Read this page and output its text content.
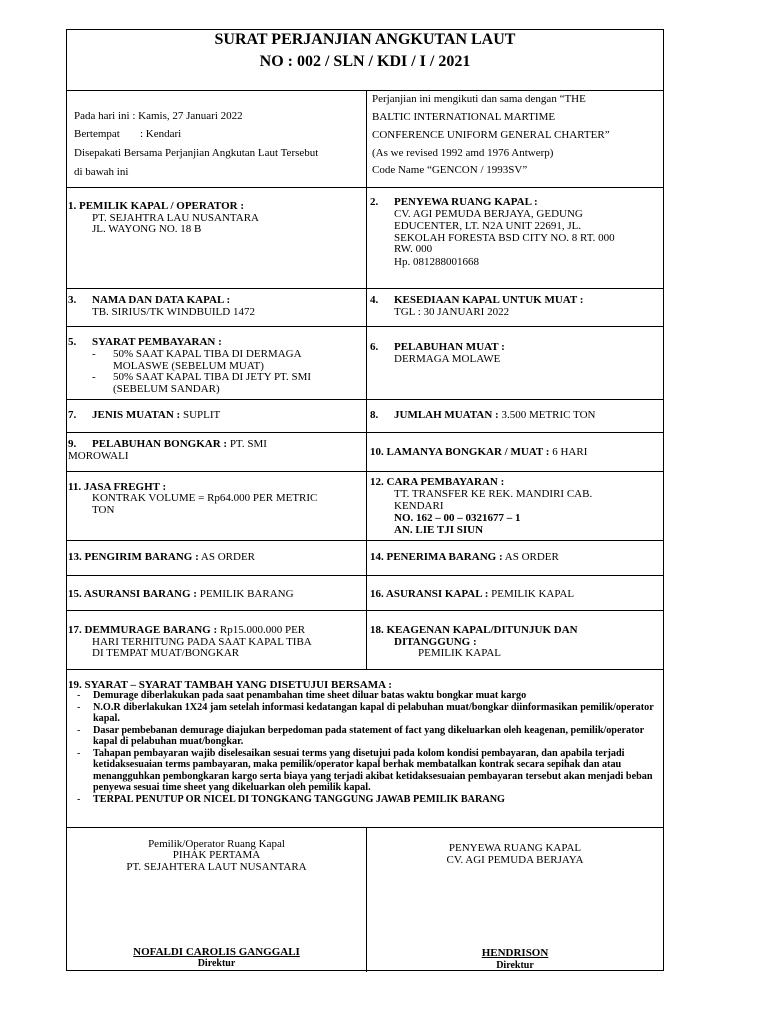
SURAT PERJANJIAN ANGKUTAN LAUT
NO : 002 / SLN / KDI / I / 2021
Pada hari ini : Kamis, 27 Januari 2022
Bertempat : Kendari
Disepakati Bersama Perjanjian Angkutan Laut Tersebut
di bawah ini
Perjanjian ini mengikuti dan sama dengan “THE
BALTIC INTERNATIONAL MARTIME
CONFERENCE UNIFORM GENERAL CHARTER”
(As we revised 1992 amd 1976 Antwerp)
Code Name “GENCON / 1993SV”
1. PEMILIK KAPAL / OPERATOR :
PT. SEJAHTRA LAU NUSANTARA
JL. WAYONG NO. 18 B
2. PENYEWA RUANG KAPAL :
CV. AGI PEMUDA BERJAYA, GEDUNG
EDUCENTER, LT. N2A UNIT 22691, JL.
SEKOLAH FORESTA BSD CITY NO. 8 RT. 000
RW. 000
Hp. 081288001668
3. NAMA DAN DATA KAPAL :
TB. SIRIUS/TK WINDBUILD 1472
4. KESEDIAAN KAPAL UNTUK MUAT :
TGL : 30 JANUARI 2022
5. SYARAT PEMBAYARAN :
- 50% SAAT KAPAL TIBA DI DERMAGA
MOLASWE (SEBELUM MUAT)
- 50% SAAT KAPAL TIBA DI JETY PT. SMI
(SEBELUM SANDAR)
6. PELABUHAN MUAT :
DERMAGA MOLAWE
7. JENIS MUATAN : SUPLIT	8. JUMLAH MUATAN : 3.500 METRIC TON
9. PELABUHAN BONGKAR : PT. SMI
MOROWALI	10. LAMANYA BONGKAR / MUAT : 6 HARI
11. JASA FREGHT :
KONTRAK VOLUME = Rp64.000 PER METRIC
TON
12. CARA PEMBAYARAN :
TT. TRANSFER KE REK. MANDIRI CAB.
KENDARI
NO. 162 – 00 – 0321677 – 1
AN. LIE TJI SIUN
13. PENGIRIM BARANG : AS ORDER	14. PENERIMA BARANG : AS ORDER
15. ASURANSI BARANG : PEMILIK BARANG	16. ASURANSI KAPAL : PEMILIK KAPAL
17. DEMMURAGE BARANG : Rp15.000.000 PER
HARI TERHITUNG PADA SAAT KAPAL TIBA
DI TEMPAT MUAT/BONGKAR
18. KEAGENAN KAPAL/DITUNJUK DAN
DITANGGUNG :
PEMILIK KAPAL
19. SYARAT – SYARAT TAMBAH YANG DISETUJUI BERSAMA :
- Demurage diberlakukan pada saat penambahan time sheet diluar batas waktu bongkar muat kargo
- N.O.R diberlakukan 1X24 jam setelah informasi kedatangan kapal di pelabuhan muat/bongkar diinformasikan pemilik/operator kapal.
- Dasar pembebanan demurage diajukan berpedoman pada statement of fact yang dikeluarkan oleh keagenan, pemilik/operator kapal di pelabuhan muat/bongkar.
- Tahapan pembayaran wajib diselesaikan sesuai terms yang disetujui pada kolom kondisi pembayaran, dan apabila terjadi ketidaksesuaian terms pambayaran, maka pemilik/operator kapal berhak membatalkan kontrak secara sepihak dan atau menangguhkan pembongkaran kargo serta biaya yang terjadi akibat ketidaksesuaian pembayaran tersebut akan menjadi beban penyewa sesuai time sheet yang dikeluarkan oleh pemilik kapal.
- TERPAL PENUTUP OR NICEL DI TONGKANG TANGGUNG JAWAB PEMILIK BARANG
Pemilik/Operator Ruang Kapal
PIHAK PERTAMA
PT. SEJAHTERA LAUT NUSANTARA
NOFALDI CAROLIS GANGGALI
Direktur
PENYEWA RUANG KAPAL
CV. AGI PEMUDA BERJAYA
HENDRISON
Direktur
